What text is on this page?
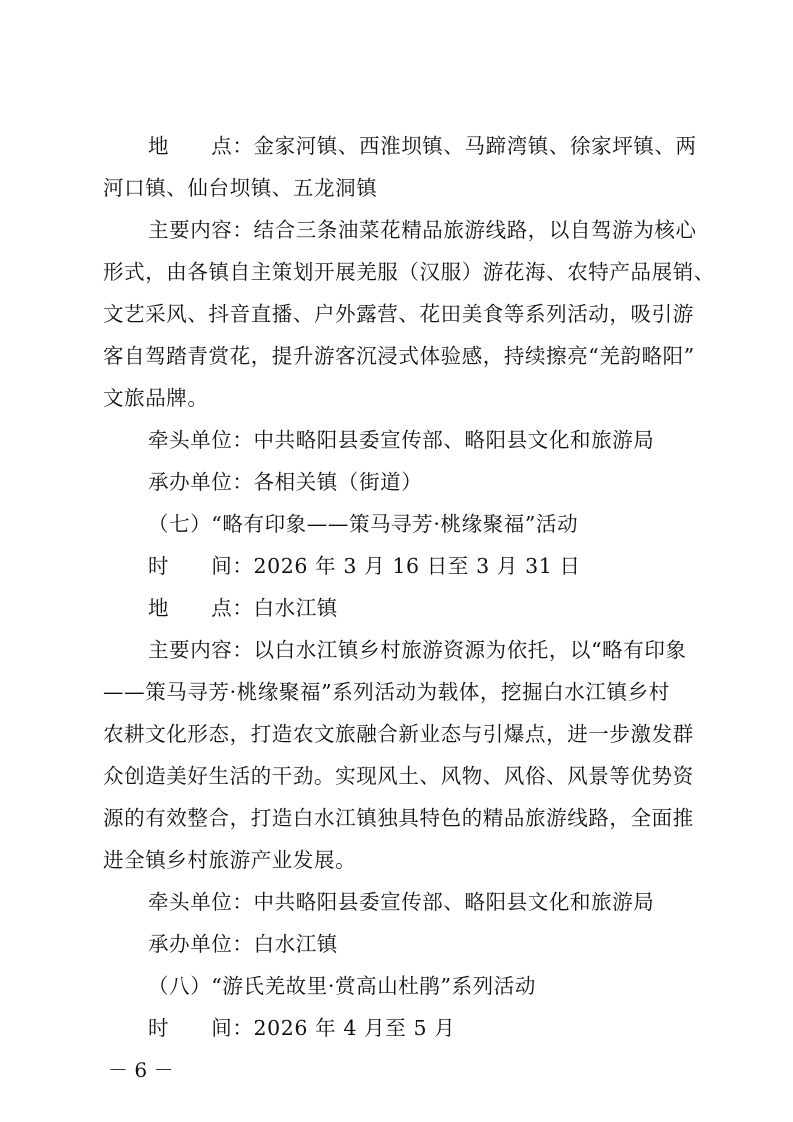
地　　点：金家河镇、西淮坝镇、马蹄湾镇、徐家坪镇、两
河口镇、仙台坝镇、五龙洞镇
主要内容：结合三条油菜花精品旅游线路，以自驾游为核心
形式，由各镇自主策划开展羌服（汉服）游花海、农特产品展销、
文艺采风、抖音直播、户外露营、花田美食等系列活动，吸引游
客自驾踏青赏花，提升游客沉浸式体验感，持续擦亮“羌韵略阳”
文旅品牌。
牵头单位：中共略阳县委宣传部、略阳县文化和旅游局
承办单位：各相关镇（街道）
（七）“略有印象——策马寻芳·桃缘聚福”活动
时　　间：2026 年 3 月 16 日至 3 月 31 日
地　　点：白水江镇
主要内容：以白水江镇乡村旅游资源为依托，以“略有印象
——策马寻芳·桃缘聚福”系列活动为载体，挖掘白水江镇乡村
农耕文化形态，打造农文旅融合新业态与引爆点，进一步激发群
众创造美好生活的干劲。实现风土、风物、风俗、风景等优势资
源的有效整合，打造白水江镇独具特色的精品旅游线路，全面推
进全镇乡村旅游产业发展。
牵头单位：中共略阳县委宣传部、略阳县文化和旅游局
承办单位：白水江镇
（八）“游氏羌故里·赏高山杜鹃”系列活动
时　　间：2026 年 4 月至 5 月
－ 6 －
